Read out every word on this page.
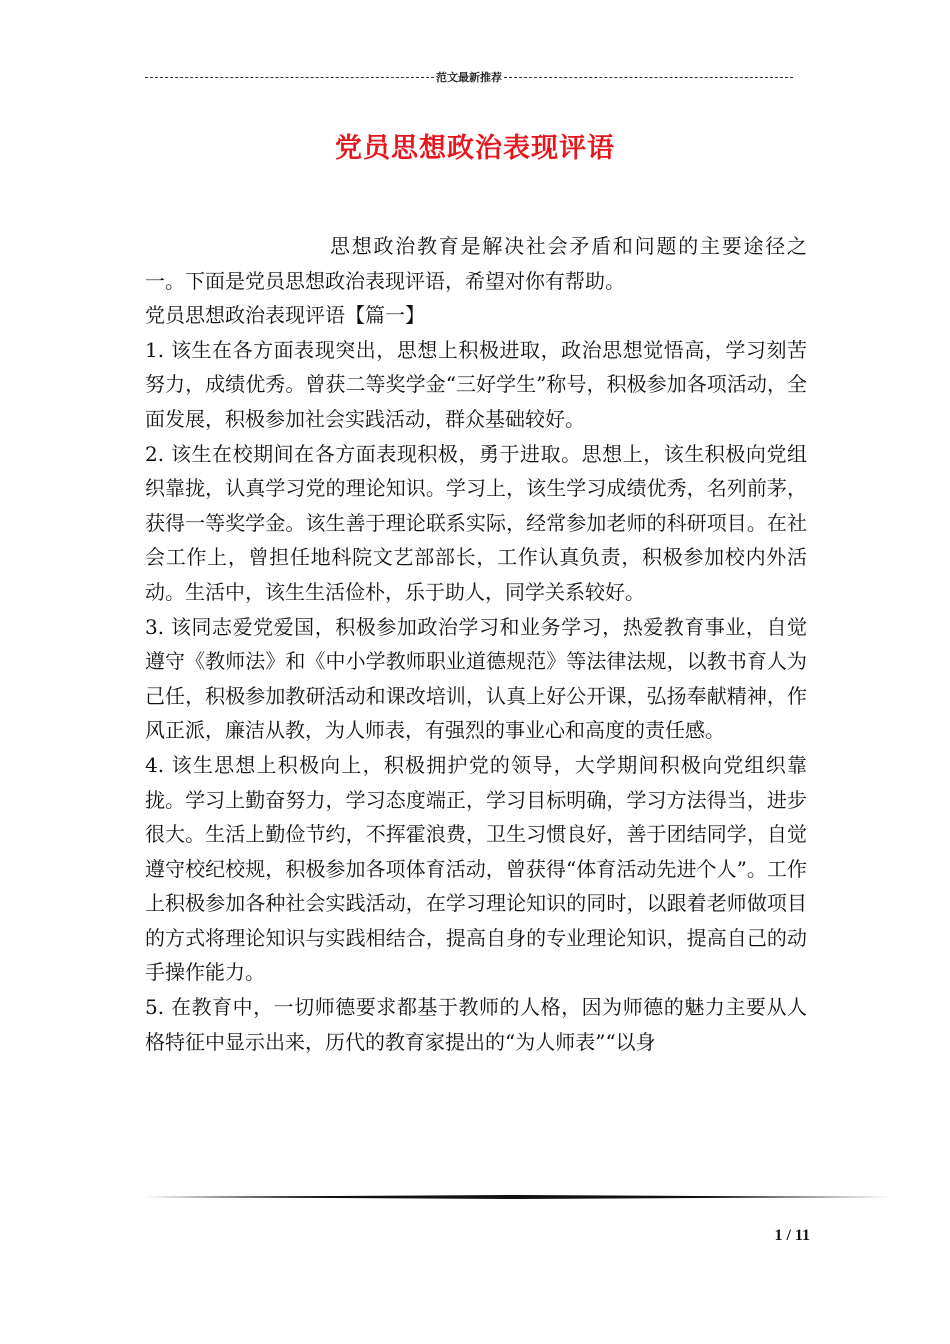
范文最新推荐
党员思想政治表现评语

思想政治教育是解决社会矛盾和问题的主要途径之一。下面是党员思想政治表现评语，希望对你有帮助。

党员思想政治表现评语【篇一】

1. 该生在各方面表现突出，思想上积极进取，政治思想觉悟高，学习刻苦努力，成绩优秀。曾获二等奖学金“三好学生”称号，积极参加各项活动，全面发展，积极参加社会实践活动，群众基础较好。

2. 该生在校期间在各方面表现积极，勇于进取。思想上，该生积极向党组织靠拢，认真学习党的理论知识。学习上，该生学习成绩优秀，名列前茅，获得一等奖学金。该生善于理论联系实际，经常参加老师的科研项目。在社会工作上，曾担任地科院文艺部部长，工作认真负责，积极参加校内外活动。生活中，该生生活俭朴，乐于助人，同学关系较好。

3. 该同志爱党爱国，积极参加政治学习和业务学习，热爱教育事业，自觉遵守《教师法》和《中小学教师职业道德规范》等法律法规，以教书育人为己任，积极参加教研活动和课改培训，认真上好公开课，弘扬奉献精神，作风正派，廉洁从教，为人师表，有强烈的事业心和高度的责任感。

4. 该生思想上积极向上，积极拥护党的领导，大学期间积极向党组织靠拢。学习上勤奋努力，学习态度端正，学习目标明确，学习方法得当，进步很大。生活上勤俭节约，不挥霍浪费，卫生习惯良好，善于团结同学，自觉遵守校纪校规，积极参加各项体育活动，曾获得“体育活动先进个人”。工作上积极参加各种社会实践活动，在学习理论知识的同时，以跟着老师做项目的方式将理论知识与实践相结合，提高自身的专业理论知识，提高自己的动手操作能力。

5. 在教育中，一切师德要求都基于教师的人格，因为师德的魅力主要从人格特征中显示出来，历代的教育家提出的“为人师表”“以身

1 / 11
